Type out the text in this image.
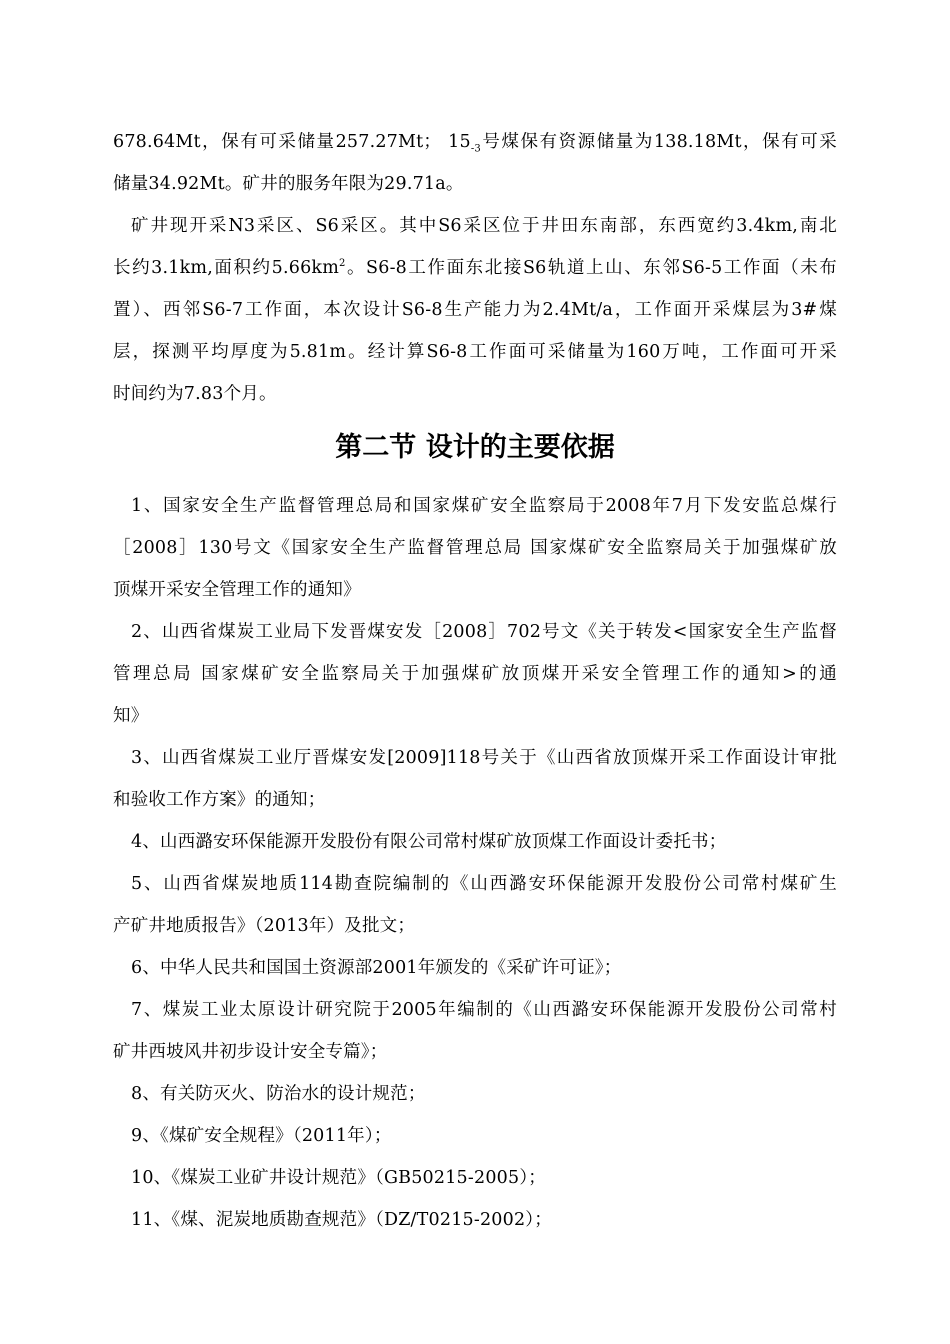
678.64Mt，保有可采储量257.27Mt； $15_{-3}$号煤保有资源储量为138.18Mt，保有可采
储量34.92Mt。矿井的服务年限为29.71a。
矿井现开采N3采区、S6采区。其中S6采区位于井田东南部，东西宽约3.4km,南北
长约3.1km,面积约$5.66km^2$。S6-8工作面东北接S6轨道上山、东邻S6-5工作面（未布
置）、西邻S6-7工作面，本次设计S6-8生产能力为2.4Mt/a，工作面开采煤层为3#煤
层，探测平均厚度为5.81m。经计算S6-8工作面可采储量为160万吨，工作面可开采
时间约为7.83个月。
第二节 设计的主要依据
1、国家安全生产监督管理总局和国家煤矿安全监察局于2008年7月下发安监总煤行
［2008］130号文《国家安全生产监督管理总局 国家煤矿安全监察局关于加强煤矿放
顶煤开采安全管理工作的通知》
2、山西省煤炭工业局下发晋煤安发［2008］702号文《关于转发<国家安全生产监督
管理总局 国家煤矿安全监察局关于加强煤矿放顶煤开采安全管理工作的通知>的通
知》
3、山西省煤炭工业厅晋煤安发[2009]118号关于《山西省放顶煤开采工作面设计审批
和验收工作方案》的通知；
4、山西潞安环保能源开发股份有限公司常村煤矿放顶煤工作面设计委托书；
5、山西省煤炭地质114勘查院编制的《山西潞安环保能源开发股份公司常村煤矿生
产矿井地质报告》（2013年）及批文；
6、中华人民共和国国土资源部2001年颁发的《采矿许可证》；
7、煤炭工业太原设计研究院于2005年编制的《山西潞安环保能源开发股份公司常村
矿井西坡风井初步设计安全专篇》；
8、有关防灭火、防治水的设计规范；
9、《煤矿安全规程》（2011年）；
10、《煤炭工业矿井设计规范》（GB50215-2005）；
11、《煤、泥炭地质勘查规范》（DZ/T0215-2002）；
